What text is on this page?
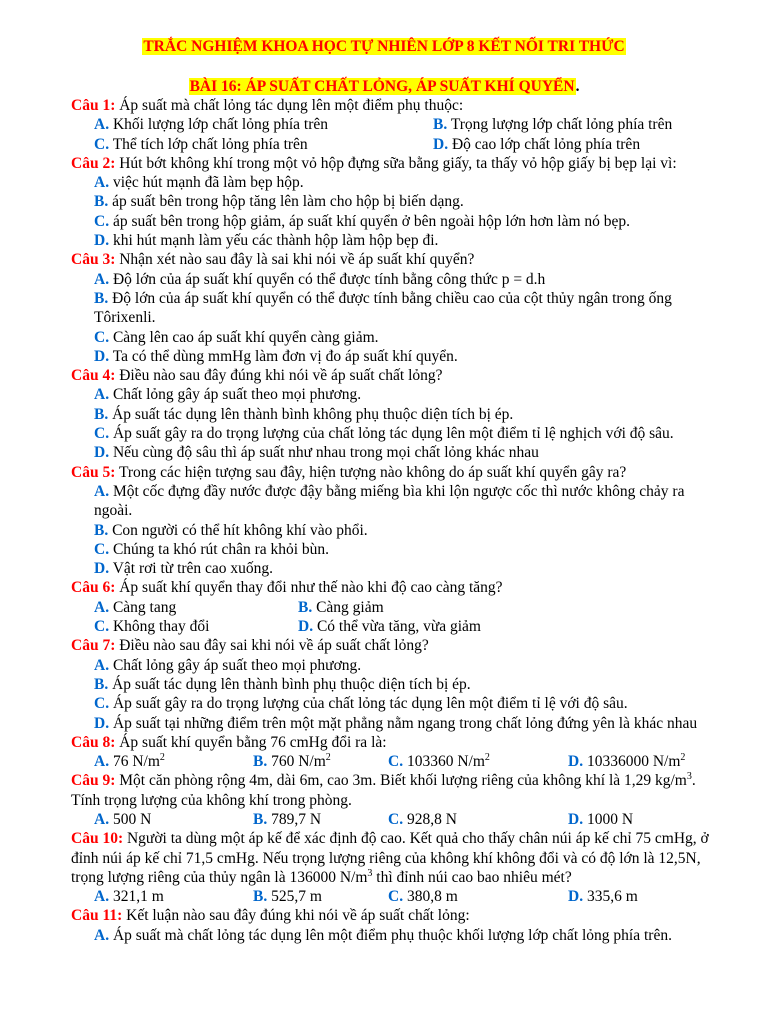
TRẮC NGHIỆM KHOA HỌC TỰ NHIÊN LỚP 8 KẾT NỐI TRI THỨC
BÀI 16: ÁP SUẤT CHẤT LỎNG, ÁP SUẤT KHÍ QUYỂN.

Câu 1: Áp suất mà chất lỏng tác dụng lên một điểm phụ thuộc:

A. Khối lượng lớp chất lỏng phía trên	B. Trọng lượng lớp chất lỏng phía trên
C. Thể tích lớp chất lỏng phía trên	D. Độ cao lớp chất lỏng phía trên

Câu 2: Hút bớt không khí trong một vỏ hộp đựng sữa bằng giấy, ta thấy vỏ hộp giấy bị bẹp lại vì:

A. việc hút mạnh đã làm bẹp hộp.

B. áp suất bên trong hộp tăng lên làm cho hộp bị biến dạng.

C. áp suất bên trong hộp giảm, áp suất khí quyển ở bên ngoài hộp lớn hơn làm nó bẹp.

D. khi hút mạnh làm yếu các thành hộp làm hộp bẹp đi.

Câu 3: Nhận xét nào sau đây là sai khi nói về áp suất khí quyển?

A. Độ lớn của áp suất khí quyển có thể được tính bằng công thức p = d.h

B. Độ lớn của áp suất khí quyển có thể được tính bằng chiều cao của cột thủy ngân trong ống Tôrixenli.

C. Càng lên cao áp suất khí quyển càng giảm.

D. Ta có thể dùng mmHg làm đơn vị đo áp suất khí quyển.

Câu 4: Điều nào sau đây đúng khi nói về áp suất chất lỏng?

A. Chất lỏng gây áp suất theo mọi phương.

B. Áp suất tác dụng lên thành bình không phụ thuộc diện tích bị ép.

C. Áp suất gây ra do trọng lượng của chất lỏng tác dụng lên một điểm tỉ lệ nghịch với độ sâu.

D. Nếu cùng độ sâu thì áp suất như nhau trong mọi chất lỏng khác nhau

Câu 5: Trong các hiện tượng sau đây, hiện tượng nào không do áp suất khí quyển gây ra?

A. Một cốc đựng đầy nước được đậy bằng miếng bìa khi lộn ngược cốc thì nước không chảy ra ngoài.

B. Con người có thể hít không khí vào phổi.

C. Chúng ta khó rút chân ra khỏi bùn.

D. Vật rơi từ trên cao xuống.

Câu 6: Áp suất khí quyển thay đổi như thế nào khi độ cao càng tăng?

A. Càng tang	B. Càng giảm
C. Không thay đổi	D. Có thể vừa tăng, vừa giảm

Câu 7: Điều nào sau đây sai khi nói về áp suất chất lỏng?

A. Chất lỏng gây áp suất theo mọi phương.

B. Áp suất tác dụng lên thành bình phụ thuộc diện tích bị ép.

C. Áp suất gây ra do trọng lượng của chất lỏng tác dụng lên một điểm tỉ lệ với độ sâu.

D. Áp suất tại những điểm trên một mặt phẳng nằm ngang trong chất lỏng đứng yên là khác nhau

Câu 8: Áp suất khí quyển bằng 76 cmHg đổi ra là:

A. 76 $N/m^2$	B. 760 $N/m^2$	C. 103360 $N/m^2$	D. 10336000 $N/m^2$

Câu 9: Một căn phòng rộng 4m, dài 6m, cao 3m. Biết khối lượng riêng của không khí là 1,29 $kg/m^3$. Tính trọng lượng của không khí trong phòng.

A. 500 N	B. 789,7 N	C. 928,8 N	D. 1000 N

Câu 10: Người ta dùng một áp kế để xác định độ cao. Kết quả cho thấy chân núi áp kế chỉ 75 cmHg, ở đỉnh núi áp kế chỉ 71,5 cmHg. Nếu trọng lượng riêng của không khí không đổi và có độ lớn là 12,5N, trọng lượng riêng của thủy ngân là 136000 $N/m^3$ thì đỉnh núi cao bao nhiêu mét?

A. 321,1 m	B. 525,7 m	C. 380,8 m	D. 335,6 m

Câu 11: Kết luận nào sau đây đúng khi nói về áp suất chất lỏng:

A. Áp suất mà chất lỏng tác dụng lên một điểm phụ thuộc khối lượng lớp chất lỏng phía trên.
